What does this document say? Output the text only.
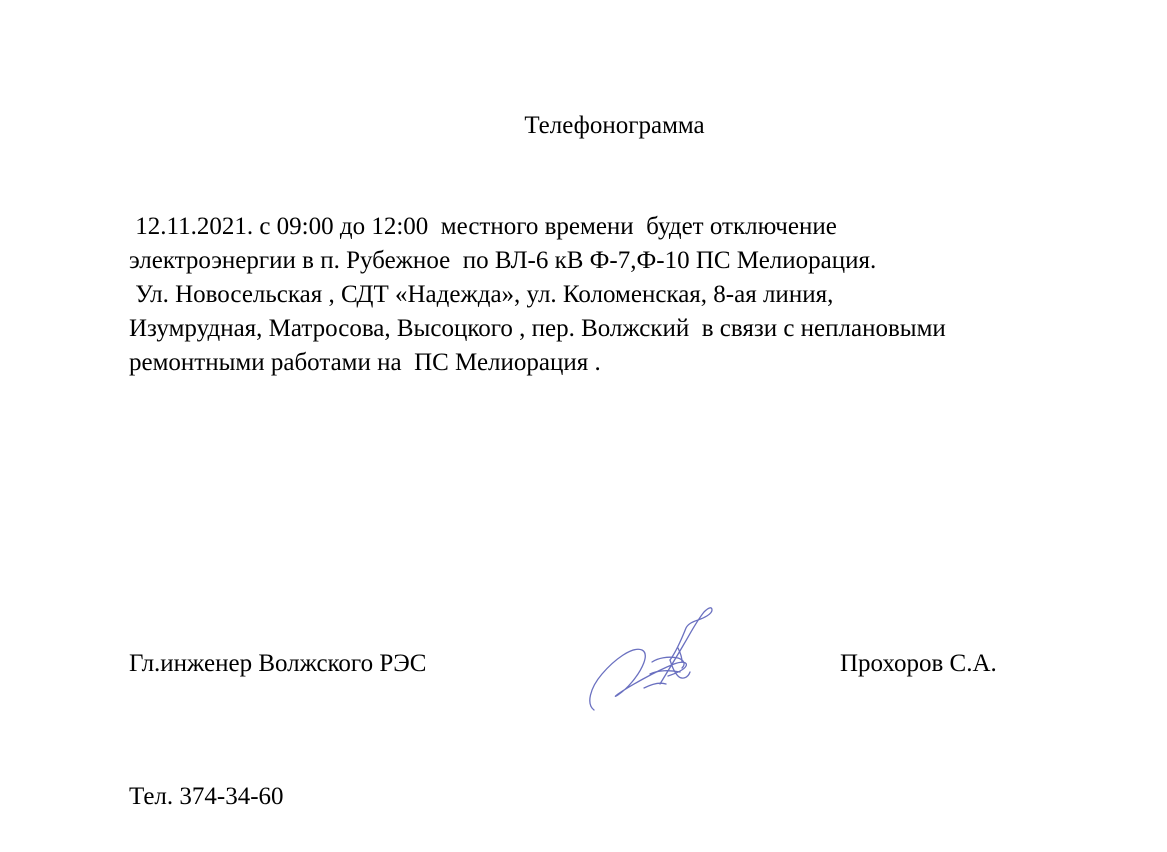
Телефонограмма
12.11.2021. с 09:00 до 12:00  местного времени  будет отключение
электроэнергии в п. Рубежное  по ВЛ-6 кВ Ф-7,Ф-10 ПС Мелиорация.
Ул. Новосельская , СДТ «Надежда», ул. Коломенская, 8-ая линия,
Изумрудная, Матросова, Высоцкого , пер. Волжский  в связи с неплановыми
ремонтными работами на  ПС Мелиорация .
Гл.инженер Волжского РЭС	Прохоров С.А.
Тел. 374-34-60
